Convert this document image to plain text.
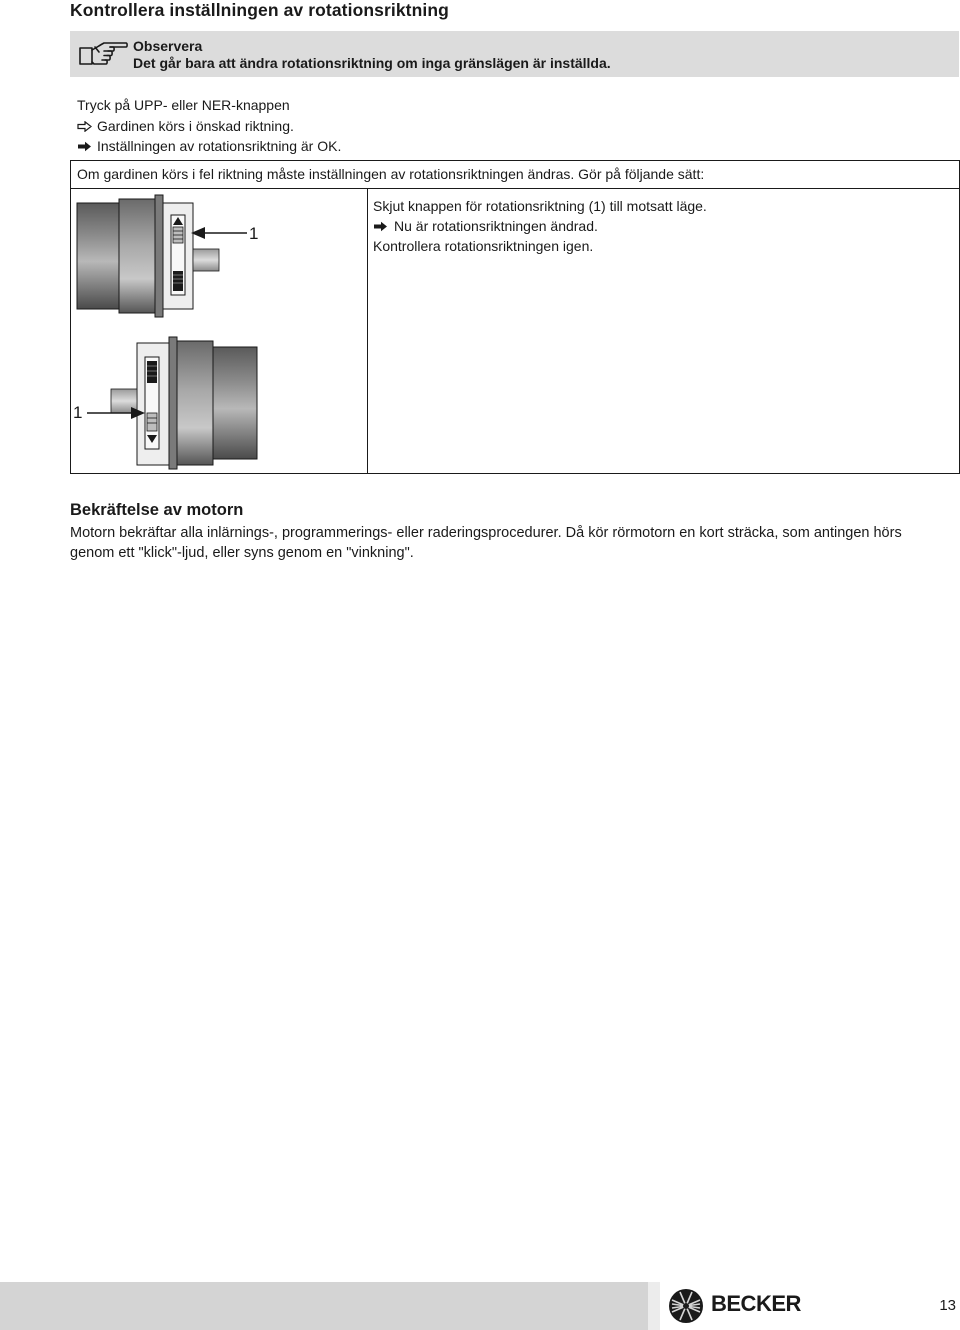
Kontrollera inställningen av rotationsriktning
Observera
Det går bara att ändra rotationsriktning om inga gränslägen är inställda.
Tryck på UPP- eller NER-knappen
Gardinen körs i önskad riktning.
Inställningen av rotationsriktning är OK.
Om gardinen körs i fel riktning måste inställningen av rotationsriktningen ändras. Gör på följande sätt:
Skjut knappen för rotationsriktning (1) till motsatt läge.
Nu är rotationsriktningen ändrad.
Kontrollera rotationsriktningen igen.
1
1
Bekräftelse av motorn
Motorn bekräftar alla inlärnings-, programmerings- eller raderingsprocedurer. Då kör rörmotorn en kort sträcka, som antingen hörs genom ett "klick"-ljud, eller syns genom en "vinkning".
BECKER	13
